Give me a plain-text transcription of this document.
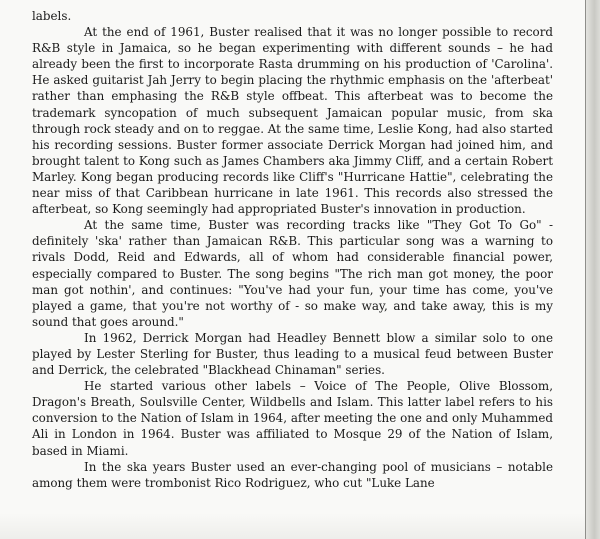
labels.

At the end of 1961, Buster realised that it was no longer possible to record R&B style in Jamaica, so he began experimenting with different sounds – he had already been the first to incorporate Rasta drumming on his production of 'Carolina'. He asked guitarist Jah Jerry to begin placing the rhythmic emphasis on the 'afterbeat' rather than emphasing the R&B style offbeat. This afterbeat was to become the trademark syncopation of much subsequent Jamaican popular music, from ska through rock steady and on to reggae. At the same time, Leslie Kong, had also started his recording sessions. Buster former associate Derrick Morgan had joined him, and brought talent to Kong such as James Chambers aka Jimmy Cliff, and a certain Robert Marley. Kong began producing records like Cliff's "Hurricane Hattie", celebrating the near miss of that Caribbean hurricane in late 1961. This records also stressed the afterbeat, so Kong seemingly had appropriated Buster's innovation in production.

At the same time, Buster was recording tracks like "They Got To Go" -definitely 'ska' rather than Jamaican R&B. This particular song was a warning to rivals Dodd, Reid and Edwards, all of whom had considerable financial power, especially compared to Buster. The song begins "The rich man got money, the poor man got nothin', and continues: "You've had your fun, your time has come, you've played a game, that you're not worthy of - so make way, and take away, this is my sound that goes around."

In 1962, Derrick Morgan had Headley Bennett blow a similar solo to one played by Lester Sterling for Buster, thus leading to a musical feud between Buster and Derrick, the celebrated "Blackhead Chinaman" series.

He started various other labels – Voice of The People, Olive Blossom, Dragon's Breath, Soulsville Center, Wildbells and Islam. This latter label refers to his conversion to the Nation of Islam in 1964, after meeting the one and only Muhammed Ali in London in 1964. Buster was affiliated to Mosque 29 of the Nation of Islam, based in Miami.

In the ska years Buster used an ever-changing pool of musicians – notable among them were trombonist Rico Rodriguez, who cut "Luke Lane
